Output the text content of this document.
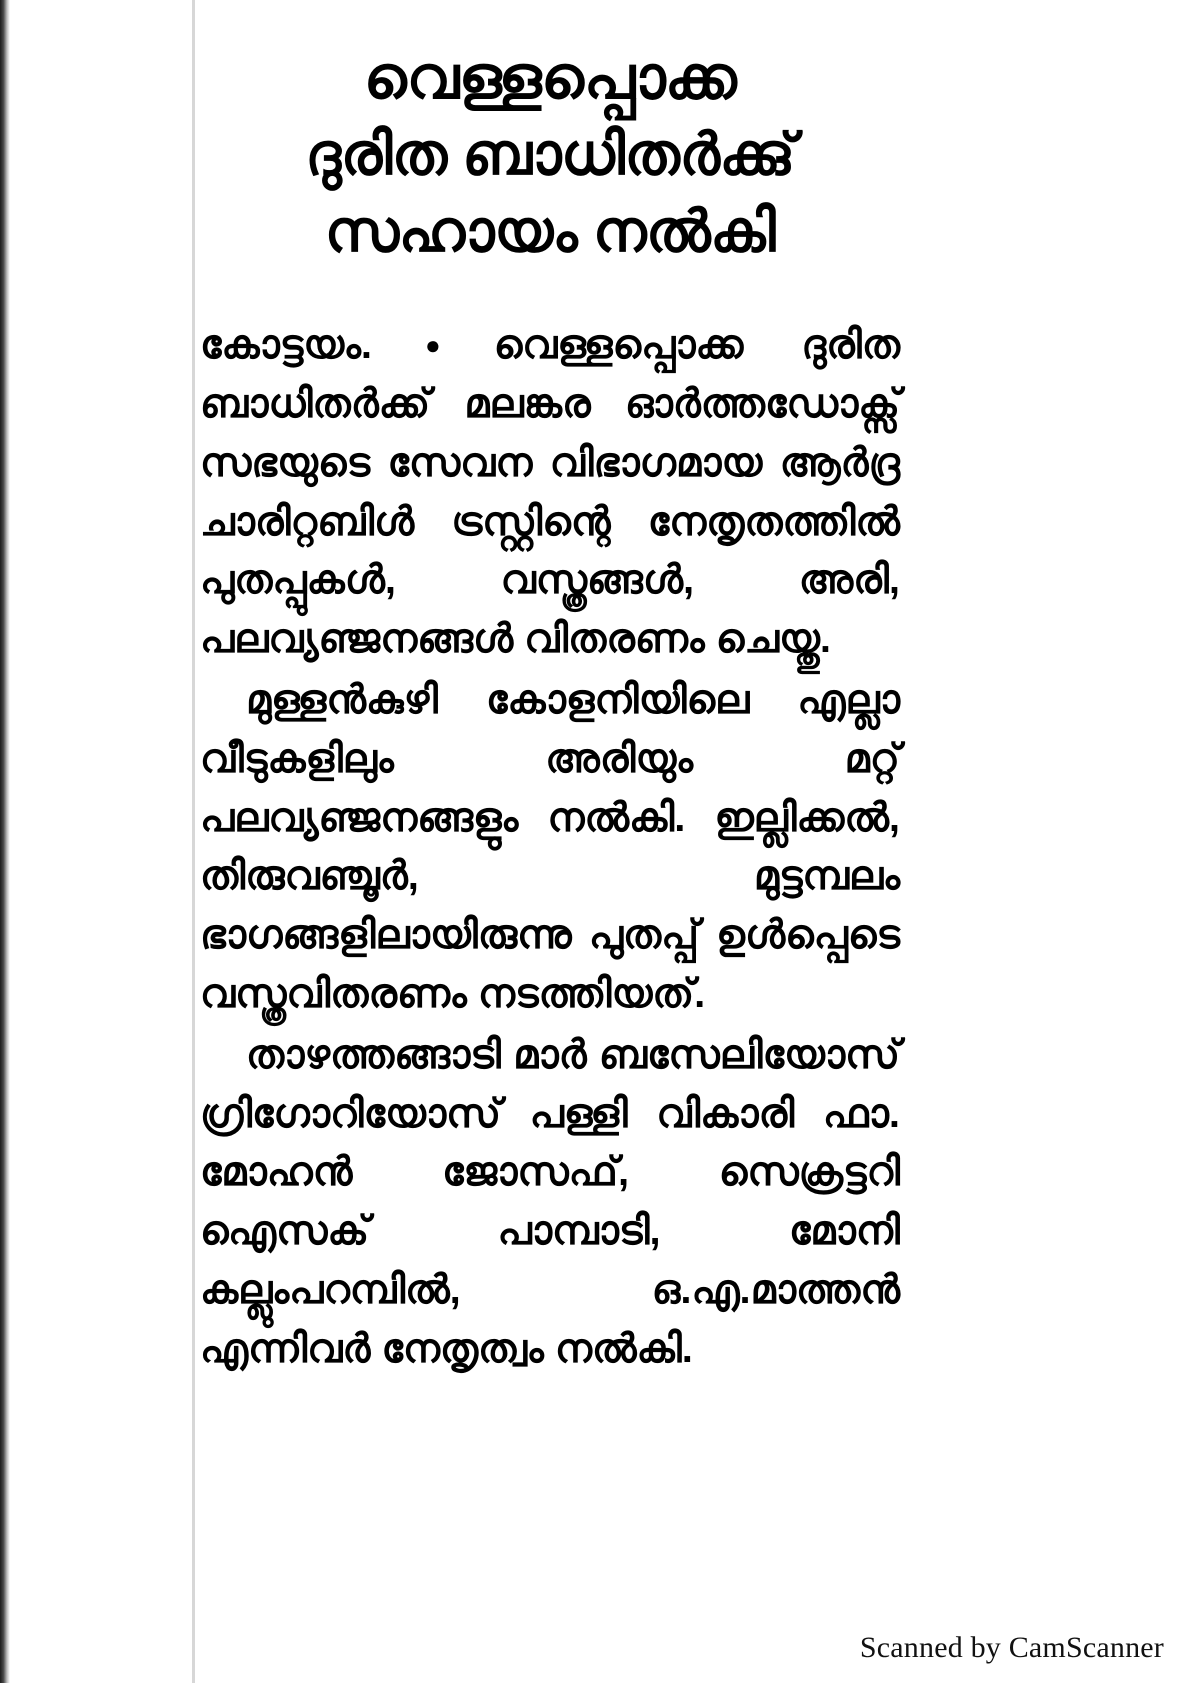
വെള്ളപ്പൊക്ക
ദുരിത ബാധിതർക്കു്
സഹായം നൽകി

കോട്ടയം. ● വെള്ളപ്പൊക്ക ദുരിത ബാധിതർക്ക് മലങ്കര ഓർത്തഡോക്സ് സഭയുടെ സേവന വിഭാഗമായ ആർദ്ര ചാരിറ്റബിൾ ട്രസ്റ്റിന്റെ നേതൃതത്തിൽ പുതപ്പുകൾ, വസ്ത്രങ്ങൾ, അരി, പലവ്യഞ്ജനങ്ങൾ വിതരണം ചെയ്തു.

മുള്ളൻകുഴി കോളനിയിലെ എല്ലാ വീടുകളിലും അരിയും മറ്റ് പലവ്യഞ്ജനങ്ങളും നൽകി. ഇല്ലിക്കൽ, തിരുവഞ്ചൂർ, മുട്ടമ്പലം ഭാഗങ്ങളിലായിരുന്നു പുതപ്പ് ഉൾപ്പെടെ വസ്ത്രവിതരണം നടത്തിയത്.

താഴത്തങ്ങാടി മാർ ബസേലിയോസ് ഗ്രിഗോറിയോസ് പള്ളി വികാരി ഫാ. മോഹൻ ജോസഫ്, സെക്രട്ടറി ഐസക് പാമ്പാടി, മോനി കല്ലുംപറമ്പിൽ, ഒ.എ.മാത്തൻ എന്നിവർ നേതൃത്വം നൽകി.

Scanned by CamScanner
